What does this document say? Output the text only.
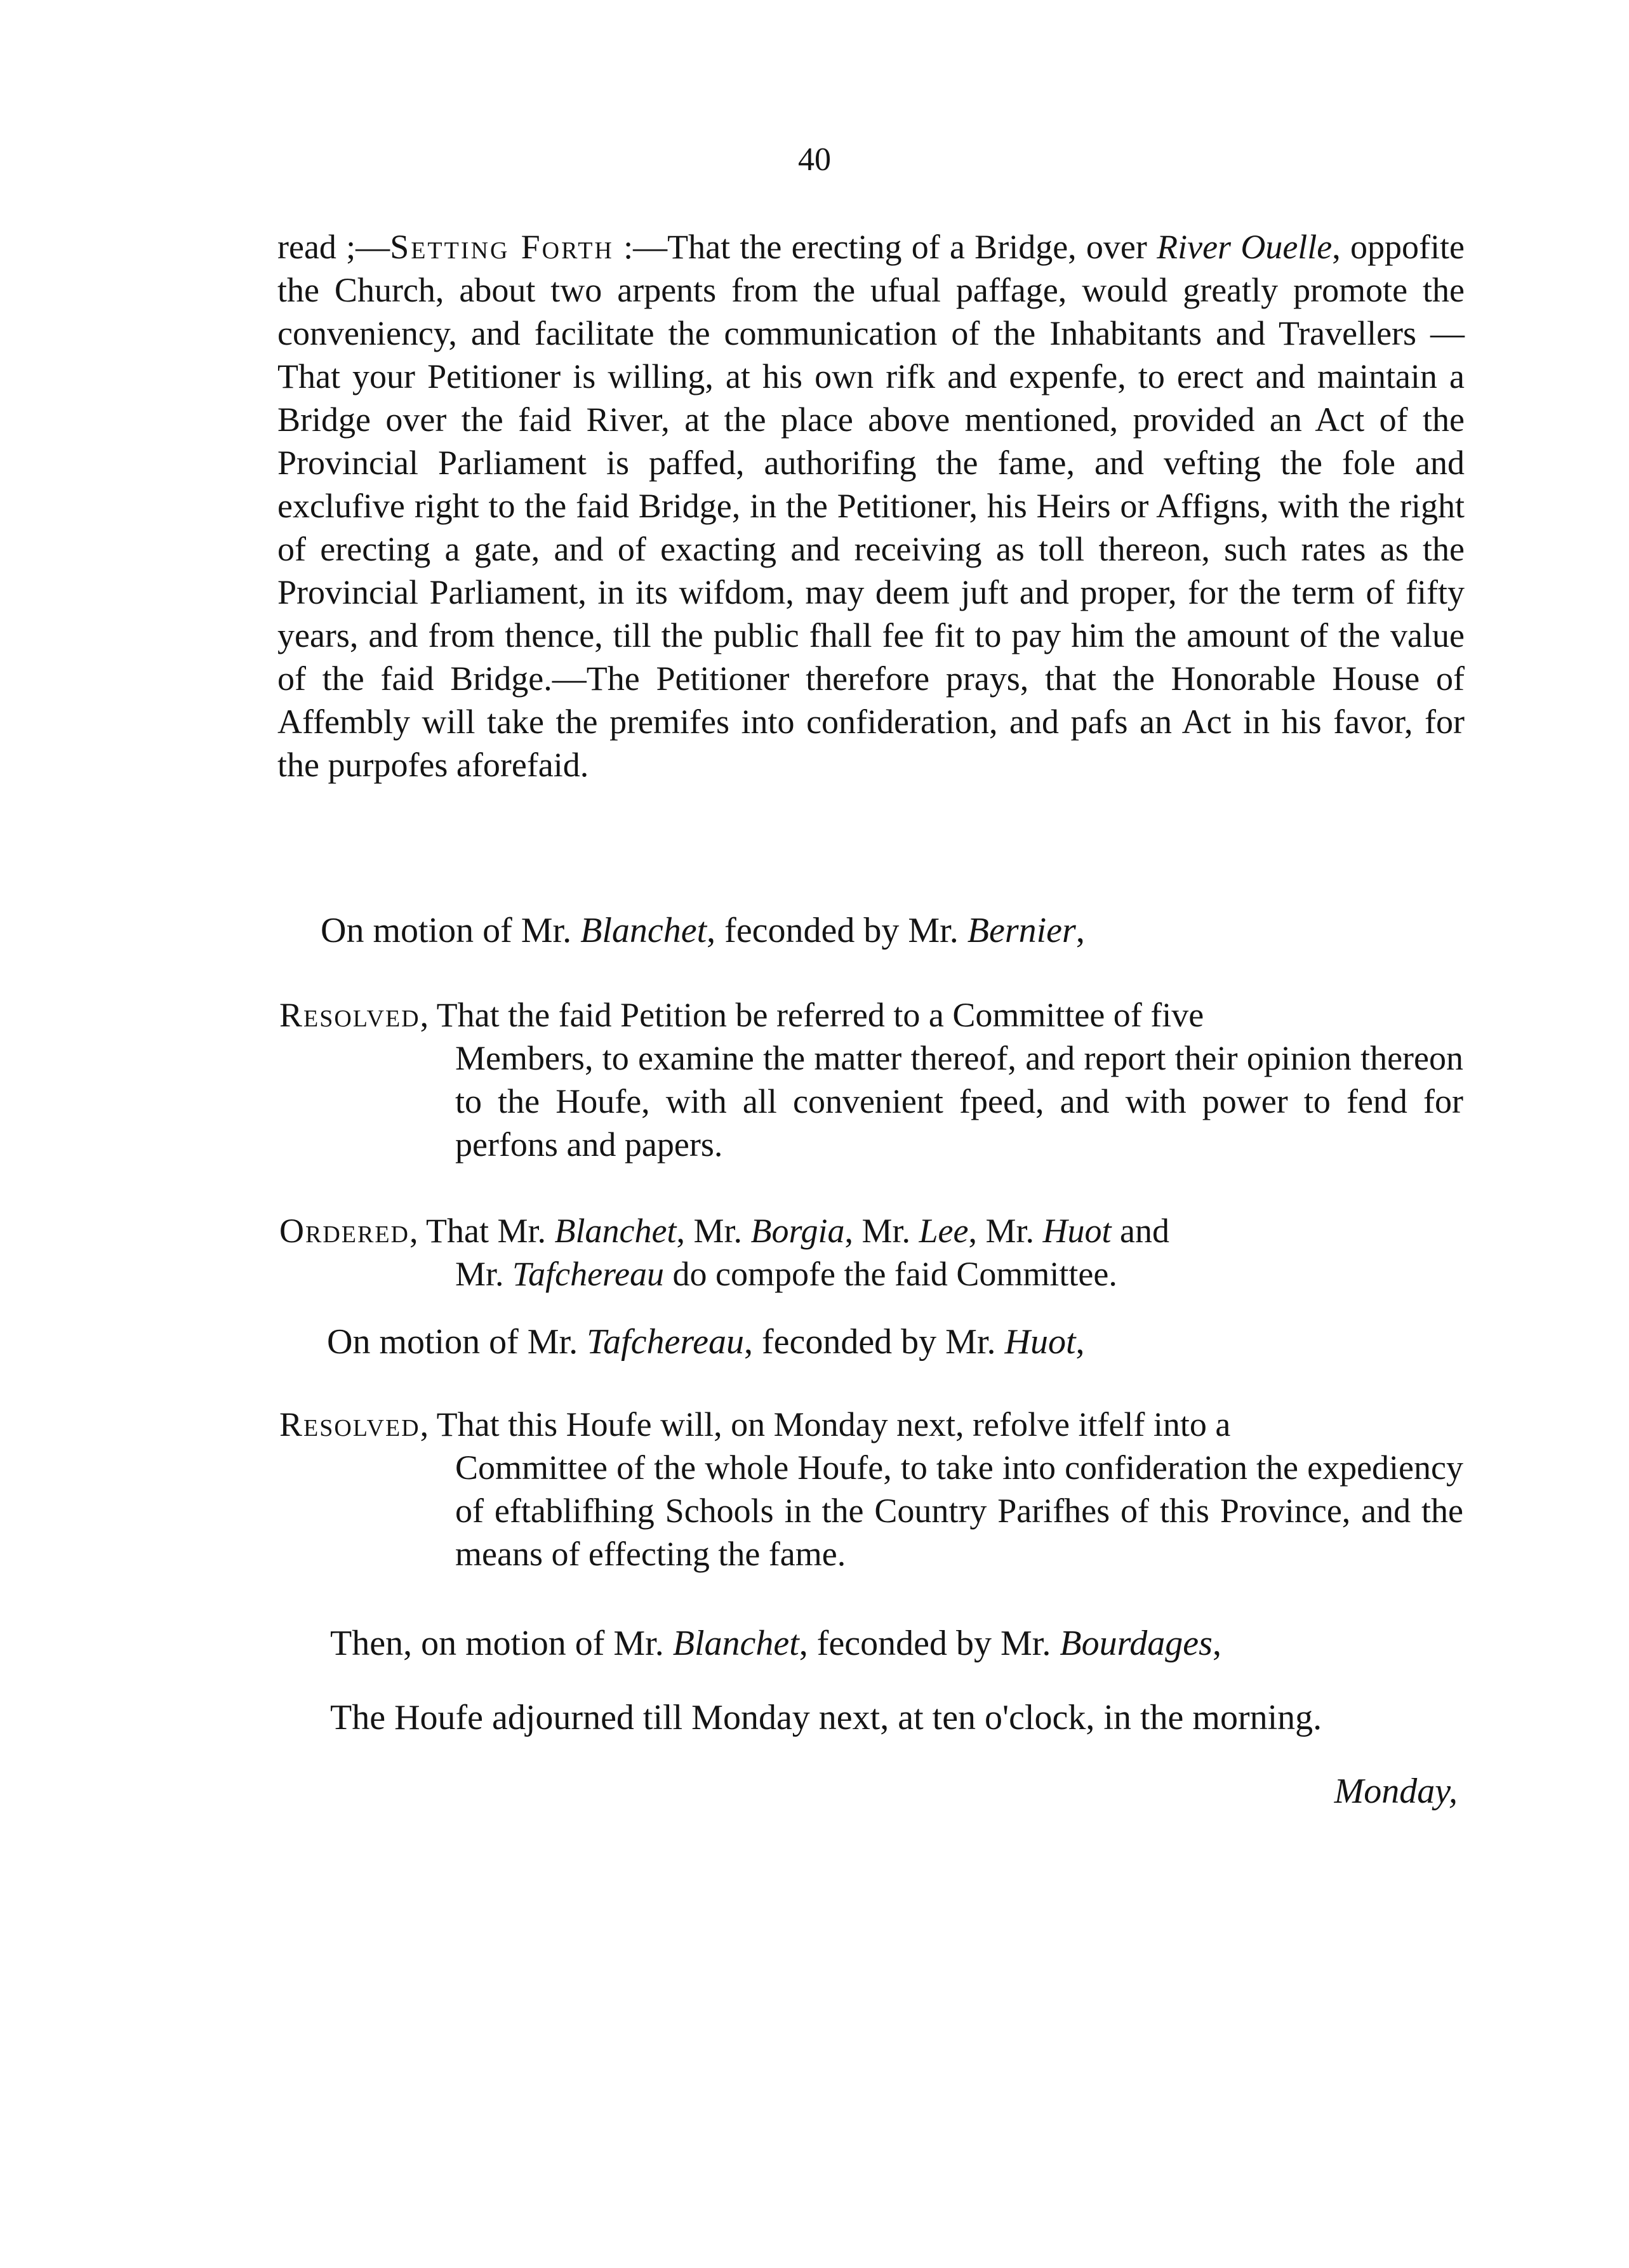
40
read ;—Setting Forth :—That the erecting of a Bridge, over River Ouelle, oppofite the Church, about two arpents from the ufual paffage, would greatly promote the conveniency, and facilitate the communication of the Inhabitants and Travellers —That your Petitioner is willing, at his own rifk and expenfe, to erect and maintain a Bridge over the faid River, at the place above mentioned, provided an Act of the Provincial Parliament is paffed, authorifing the fame, and vefting the fole and exclufive right to the faid Bridge, in the Petitioner, his Heirs or Affigns, with the right of erecting a gate, and of exacting and receiving as toll thereon, such rates as the Provincial Parliament, in its wifdom, may deem juft and proper, for the term of fifty years, and from thence, till the public fhall fee fit to pay him the amount of the value of the faid Bridge.—The Petitioner therefore prays, that the Honorable House of Affembly will take the premifes into confideration, and pafs an Act in his favor, for the purpofes aforefaid.
On motion of Mr. Blanchet, feconded by Mr. Bernier,
Resolved, That the faid Petition be referred to a Committee of five
Members, to examine the matter thereof, and report their opinion thereon to the Houfe, with all convenient fpeed, and with power to fend for perfons and papers.
Ordered, That Mr. Blanchet, Mr. Borgia, Mr. Lee, Mr. Huot and
Mr. Tafchereau do compofe the faid Committee.
On motion of Mr. Tafchereau, feconded by Mr. Huot,
Resolved, That this Houfe will, on Monday next, refolve itfelf into a
Committee of the whole Houfe, to take into confideration the expediency of eftablifhing Schools in the Country Parifhes of this Province, and the means of effecting the fame.
Then, on motion of Mr. Blanchet, feconded by Mr. Bourdages,
The Houfe adjourned till Monday next, at ten o'clock, in the morning.
Monday,
